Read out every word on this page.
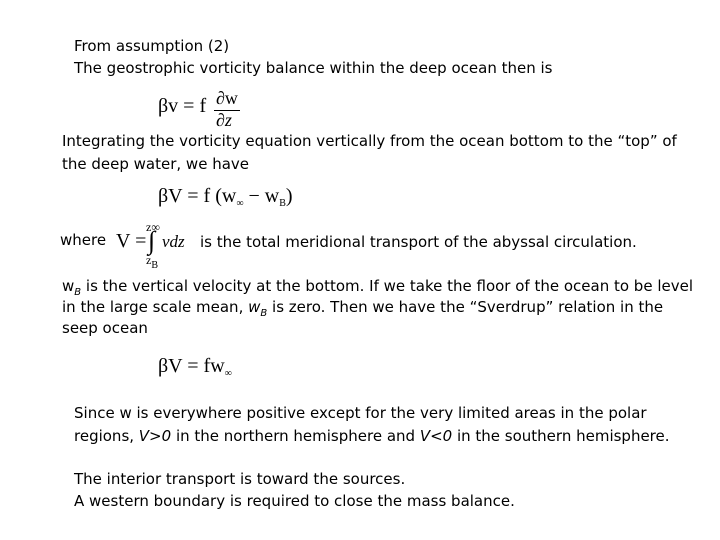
From assumption (2)
The geostrophic vorticity balance within the deep ocean then is
βv = f ∂w
∂z
Integrating the vorticity equation vertically from the ocean bottom to the “top” of
the deep water, we have
βV = f $(w_\infty - w_B)$
where V =
z∞
∫ vdz
$z_B$
is the total meridional transport of the abyssal circulation.
$w_B$ is the vertical velocity at the bottom. If we take the floor of the ocean to be level
in the large scale mean, $w_B$ is zero. Then we have the “Sverdrup” relation in the
seep ocean
$\beta V = fw_\infty$
Since w is everywhere positive except for the very limited areas in the polar
regions, V>0 in the northern hemisphere and V<0 in the southern hemisphere.
The interior transport is toward the sources.
A western boundary is required to close the mass balance.
